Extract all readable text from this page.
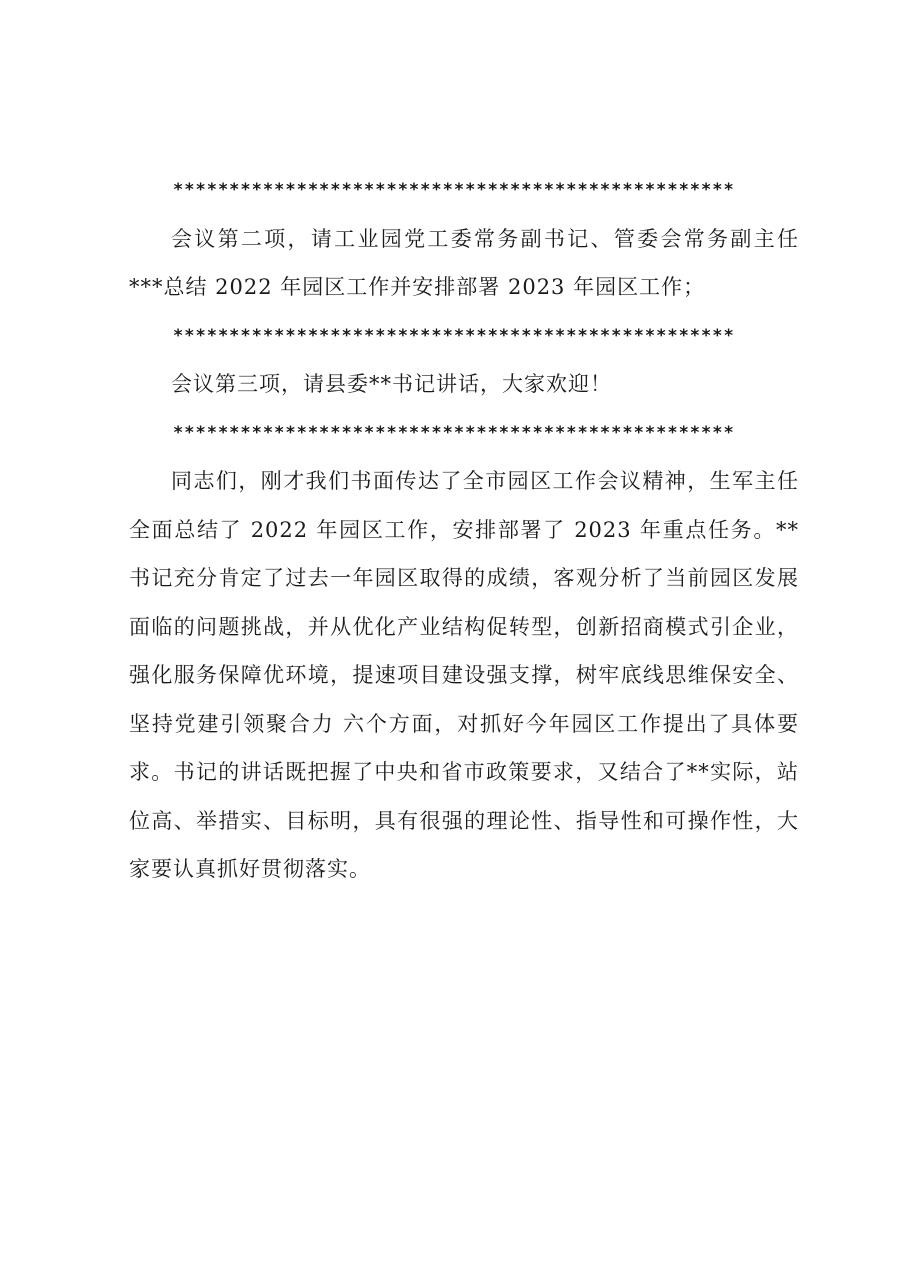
**************************************************

会议第二项，请工业园党工委常务副书记、管委会常务副主任***总结 2022 年园区工作并安排部署 2023 年园区工作；

**************************************************

会议第三项，请县委**书记讲话，大家欢迎！

**************************************************

同志们，刚才我们书面传达了全市园区工作会议精神，生军主任全面总结了 2022 年园区工作，安排部署了 2023 年重点任务。**书记充分肯定了过去一年园区取得的成绩，客观分析了当前园区发展面临的问题挑战，并从优化产业结构促转型，创新招商模式引企业，强化服务保障优环境，提速项目建设强支撑，树牢底线思维保安全、坚持党建引领聚合力 六个方面，对抓好今年园区工作提出了具体要求。书记的讲话既把握了中央和省市政策要求，又结合了**实际，站位高、举措实、目标明，具有很强的理论性、指导性和可操作性，大家要认真抓好贯彻落实。
